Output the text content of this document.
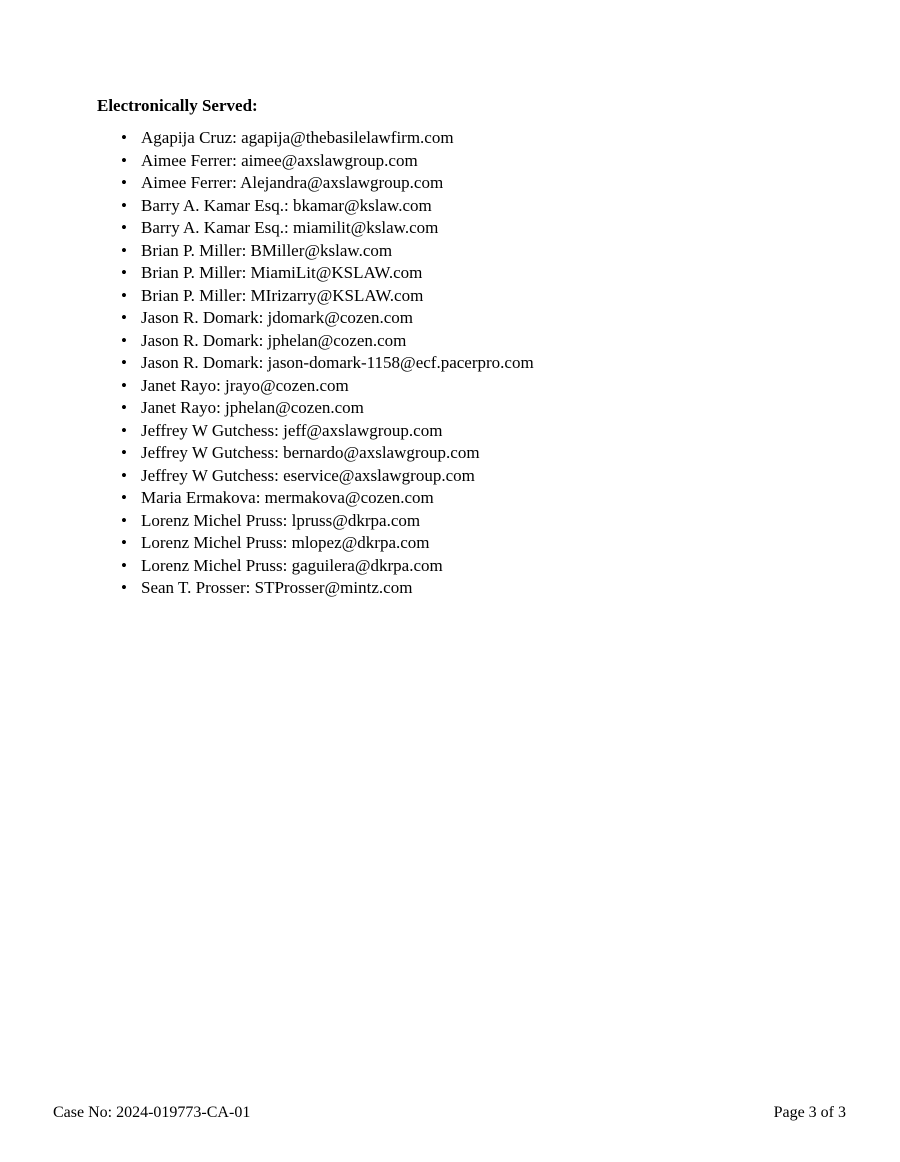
Electronically Served:
• Agapija Cruz: agapija@thebasilelawfirm.com
• Aimee Ferrer: aimee@axslawgroup.com
• Aimee Ferrer: Alejandra@axslawgroup.com
• Barry A. Kamar Esq.: bkamar@kslaw.com
• Barry A. Kamar Esq.: miamilit@kslaw.com
• Brian P. Miller: BMiller@kslaw.com
• Brian P. Miller: MiamiLit@KSLAW.com
• Brian P. Miller: MIrizarry@KSLAW.com
• Jason R. Domark: jdomark@cozen.com
• Jason R. Domark: jphelan@cozen.com
• Jason R. Domark: jason-domark-1158@ecf.pacerpro.com
• Janet Rayo: jrayo@cozen.com
• Janet Rayo: jphelan@cozen.com
• Jeffrey W Gutchess: jeff@axslawgroup.com
• Jeffrey W Gutchess: bernardo@axslawgroup.com
• Jeffrey W Gutchess: eservice@axslawgroup.com
• Maria Ermakova: mermakova@cozen.com
• Lorenz Michel Pruss: lpruss@dkrpa.com
• Lorenz Michel Pruss: mlopez@dkrpa.com
• Lorenz Michel Pruss: gaguilera@dkrpa.com
• Sean T. Prosser: STProsser@mintz.com
Case No: 2024-019773-CA-01	Page 3 of 3
